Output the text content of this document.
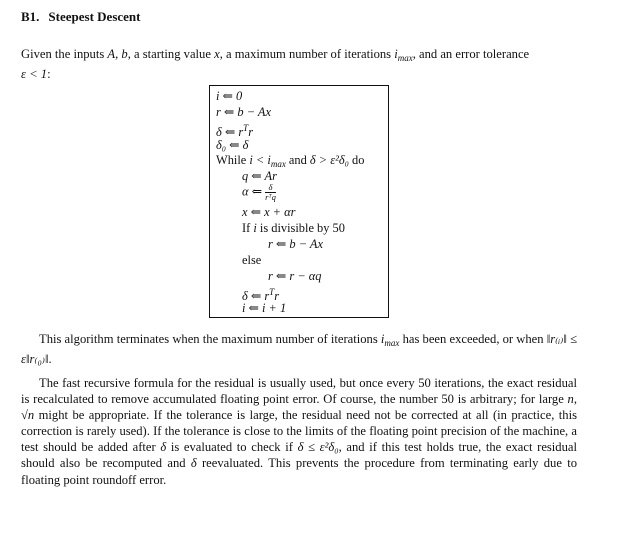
B1. Steepest Descent
Given the inputs A, b, a starting value x, a maximum number of iterations $i_{max}$, and an error tolerance
ε < 1:
i ⇐ 0
r ⇐ b − Ax
δ ⇐ $r^Tr$
δ₀ ⇐ δ
While $i < i_{max}$ and δ > ε²δ₀ do
q ⇐ Ar
α ⇐ $\frac{\delta}{\text{rᵀq}}$
x ⇐ x + αr
If i is divisible by 50
r ⇐ b − Ax
else
r ⇐ r − αq
δ ⇐ $r^Tr$
i ⇐ i + 1
This algorithm terminates when the maximum number of iterations $i_{max}$ has been exceeded, or when ‖r₍ᵢ₎‖ ≤ ε‖r₍₀₎‖.
The fast recursive formula for the residual is usually used, but once every 50 iterations, the exact residual is recalculated to remove accumulated floating point error. Of course, the number 50 is arbitrary; for large n, √n might be appropriate. If the tolerance is large, the residual need not be corrected at all (in practice, this correction is rarely used). If the tolerance is close to the limits of the floating point precision of the machine, a test should be added after δ is evaluated to check if δ ≤ ε²δ₀, and if this test holds true, the exact residual should also be recomputed and δ reevaluated. This prevents the procedure from terminating early due to floating point roundoff error.
